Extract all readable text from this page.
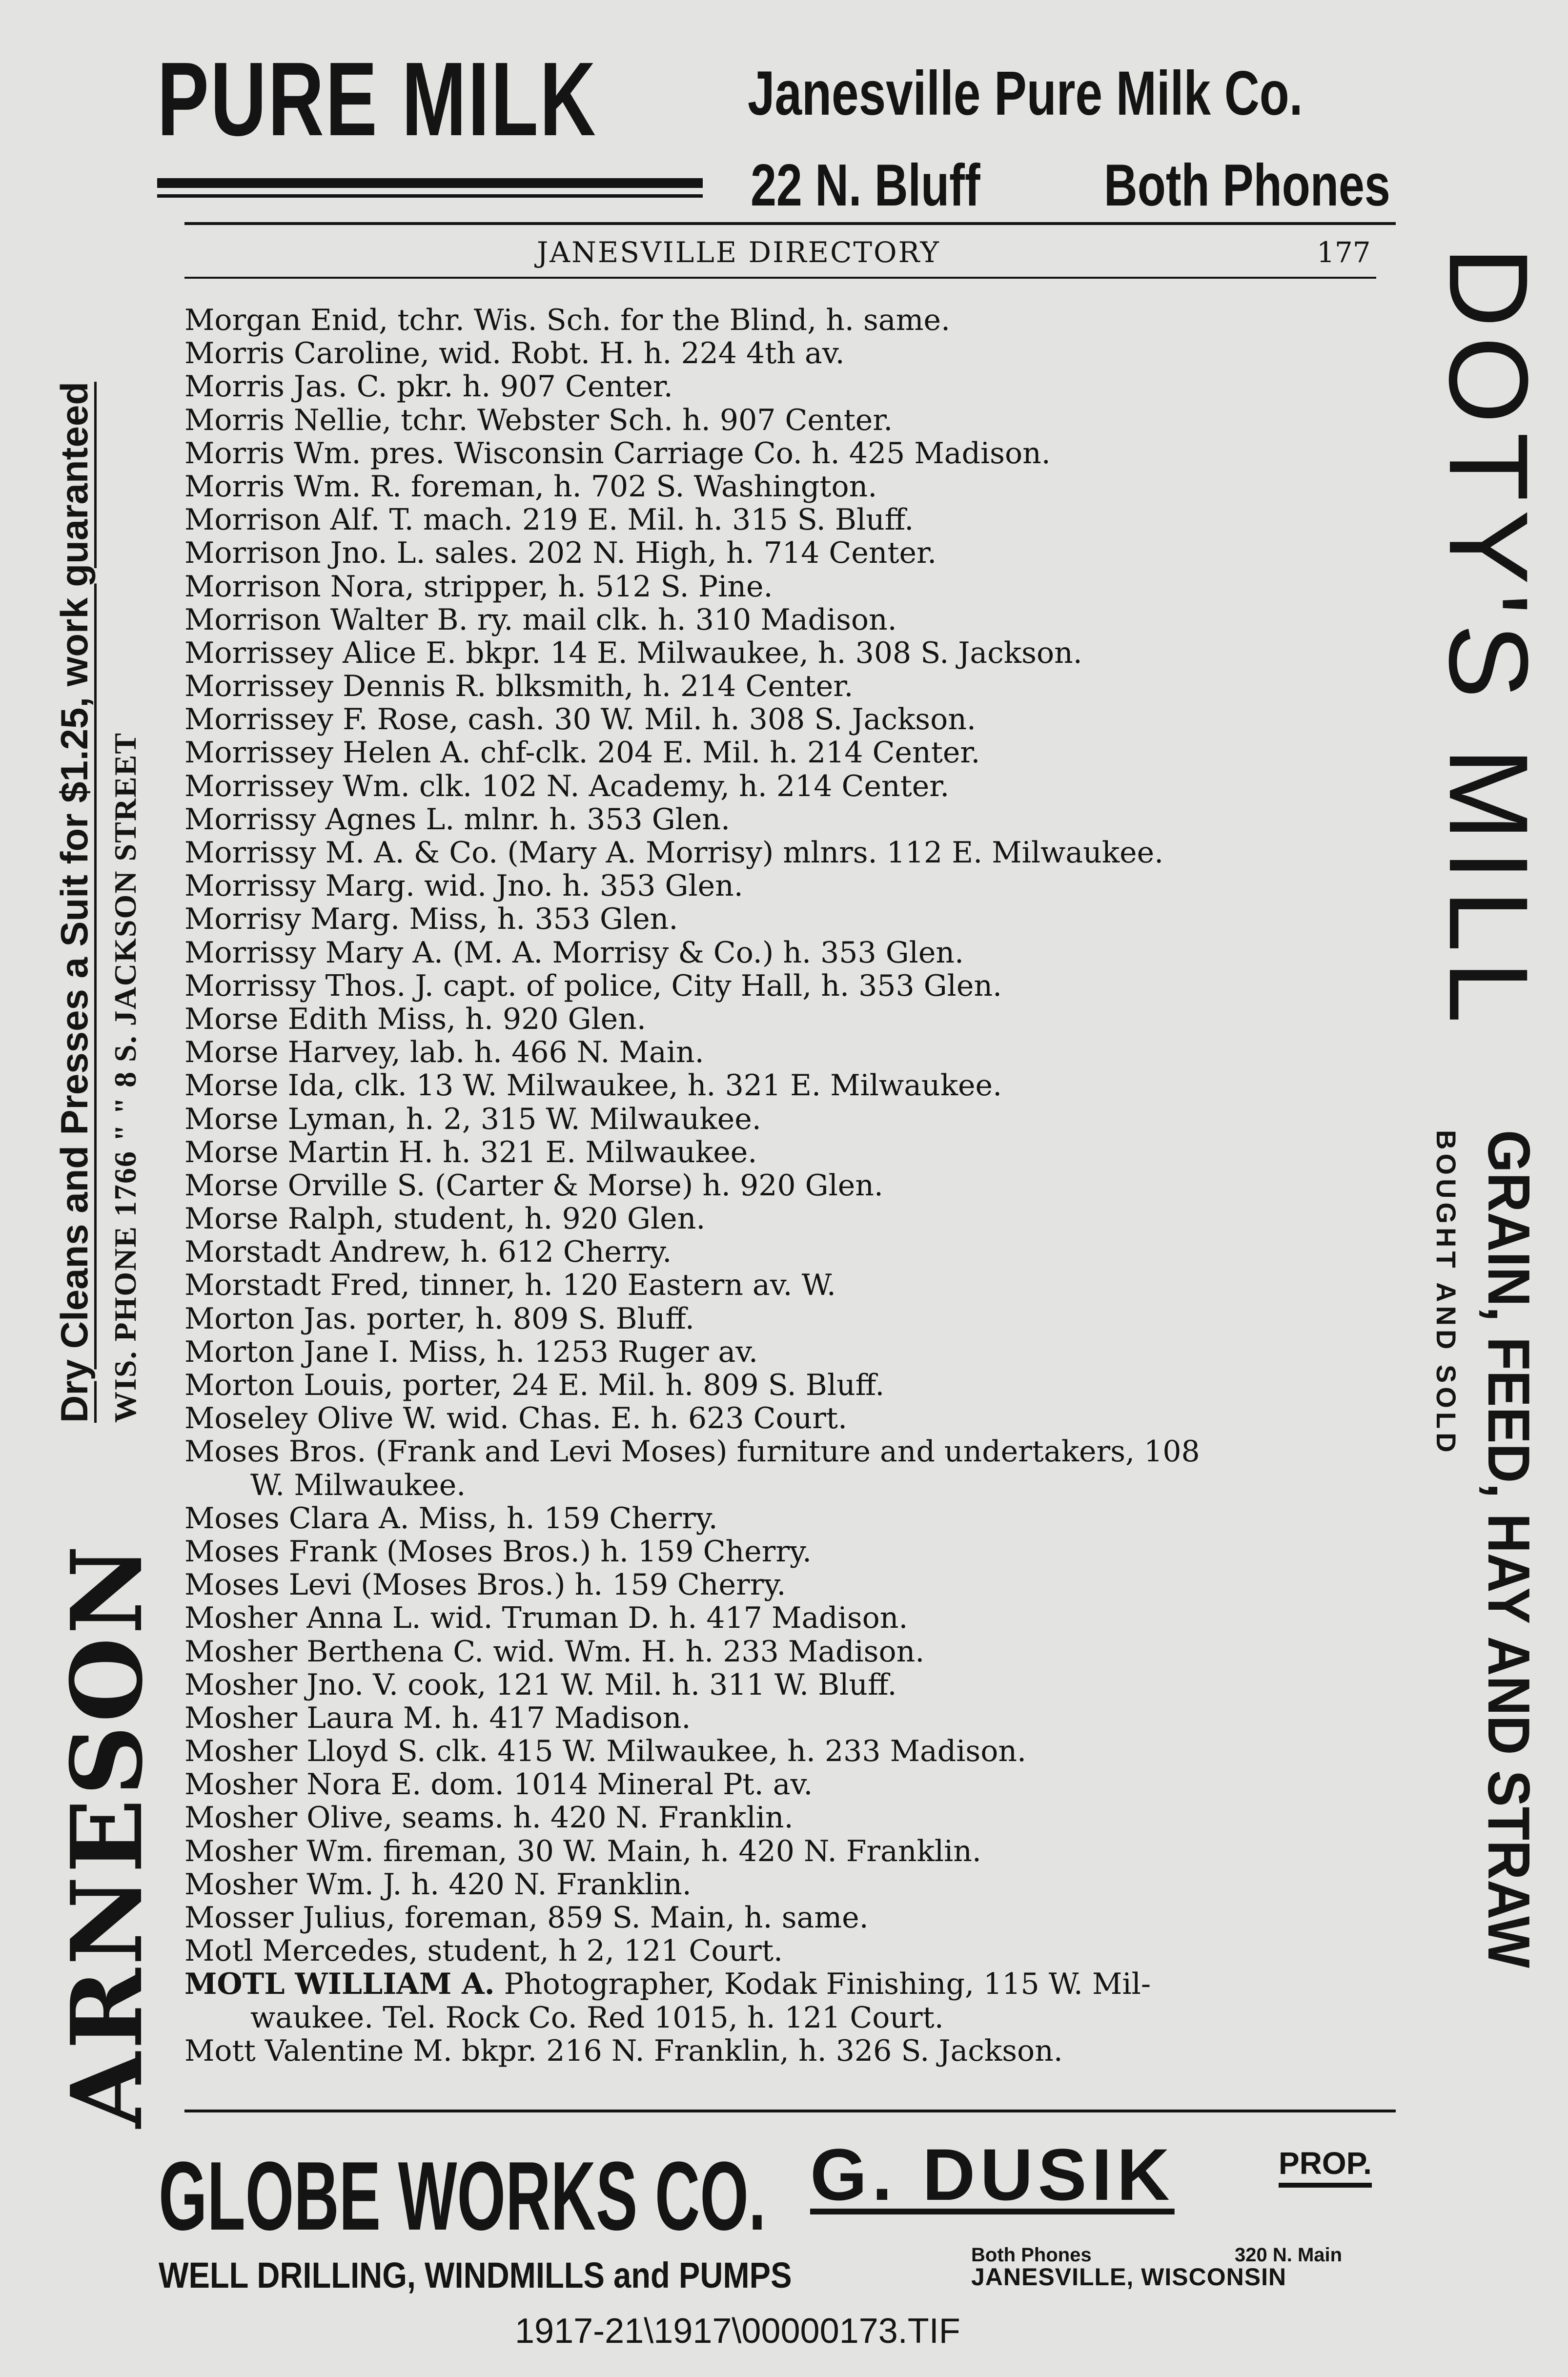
PURE MILK Janesville Pure Milk Co.
22 N. Bluff Both Phones
JANESVILLE DIRECTORY	177
Morgan Enid, tchr. Wis. Sch. for the Blind, h. same.
Morris Caroline, wid. Robt. H. h. 224 4th av.
Morris Jas. C. pkr. h. 907 Center.
Morris Nellie, tchr. Webster Sch. h. 907 Center.
Morris Wm. pres. Wisconsin Carriage Co. h. 425 Madison.
Morris Wm. R. foreman, h. 702 S. Washington.
Morrison Alf. T. mach. 219 E. Mil. h. 315 S. Bluff.
Morrison Jno. L. sales. 202 N. High, h. 714 Center.
Morrison Nora, stripper, h. 512 S. Pine.
Morrison Walter B. ry. mail clk. h. 310 Madison.
Morrissey Alice E. bkpr. 14 E. Milwaukee, h. 308 S. Jackson.
Morrissey Dennis R. blksmith, h. 214 Center.
Morrissey F. Rose, cash. 30 W. Mil. h. 308 S. Jackson.
Morrissey Helen A. chf-clk. 204 E. Mil. h. 214 Center.
Morrissey Wm. clk. 102 N. Academy, h. 214 Center.
Morrissy Agnes L. mlnr. h. 353 Glen.
Morrissy M. A. & Co. (Mary A. Morrisy) mlnrs. 112 E. Milwaukee.
Morrissy Marg. wid. Jno. h. 353 Glen.
Morrisy Marg. Miss, h. 353 Glen.
Morrissy Mary A. (M. A. Morrisy & Co.) h. 353 Glen.
Morrissy Thos. J. capt. of police, City Hall, h. 353 Glen.
Morse Edith Miss, h. 920 Glen.
Morse Harvey, lab. h. 466 N. Main.
Morse Ida, clk. 13 W. Milwaukee, h. 321 E. Milwaukee.
Morse Lyman, h. 2, 315 W. Milwaukee.
Morse Martin H. h. 321 E. Milwaukee.
Morse Orville S. (Carter & Morse) h. 920 Glen.
Morse Ralph, student, h. 920 Glen.
Morstadt Andrew, h. 612 Cherry.
Morstadt Fred, tinner, h. 120 Eastern av. W.
Morton Jas. porter, h. 809 S. Bluff.
Morton Jane I. Miss, h. 1253 Ruger av.
Morton Louis, porter, 24 E. Mil. h. 809 S. Bluff.
Moseley Olive W. wid. Chas. E. h. 623 Court.
Moses Bros. (Frank and Levi Moses) furniture and undertakers, 108
W. Milwaukee.
Moses Clara A. Miss, h. 159 Cherry.
Moses Frank (Moses Bros.) h. 159 Cherry.
Moses Levi (Moses Bros.) h. 159 Cherry.
Mosher Anna L. wid. Truman D. h. 417 Madison.
Mosher Berthena C. wid. Wm. H. h. 233 Madison.
Mosher Jno. V. cook, 121 W. Mil. h. 311 W. Bluff.
Mosher Laura M. h. 417 Madison.
Mosher Lloyd S. clk. 415 W. Milwaukee, h. 233 Madison.
Mosher Nora E. dom. 1014 Mineral Pt. av.
Mosher Olive, seams. h. 420 N. Franklin.
Mosher Wm. fireman, 30 W. Main, h. 420 N. Franklin.
Mosher Wm. J. h. 420 N. Franklin.
Mosser Julius, foreman, 859 S. Main, h. same.
Motl Mercedes, student, h 2, 121 Court.
MOTL WILLIAM A. Photographer, Kodak Finishing, 115 W. Mil-
waukee. Tel. Rock Co. Red 1015, h. 121 Court.
Mott Valentine M. bkpr. 216 N. Franklin, h. 326 S. Jackson.
ARNESON
Dry Cleans and Presses a Suit for $1.25, work guaranteed WIS. PHONE 1766 " " 8 S. JACKSON STREET
DOTY'S MILL
GRAIN, FEED, HAY AND STRAW
BOUGHT AND SOLD
GLOBE WORKS CO. G. DUSIK	PROP.
WELL DRILLING, WINDMILLS and PUMPS	Both Phones	320 N. Main
JANESVILLE, WISCONSIN
1917-21\1917\00000173.TIF
